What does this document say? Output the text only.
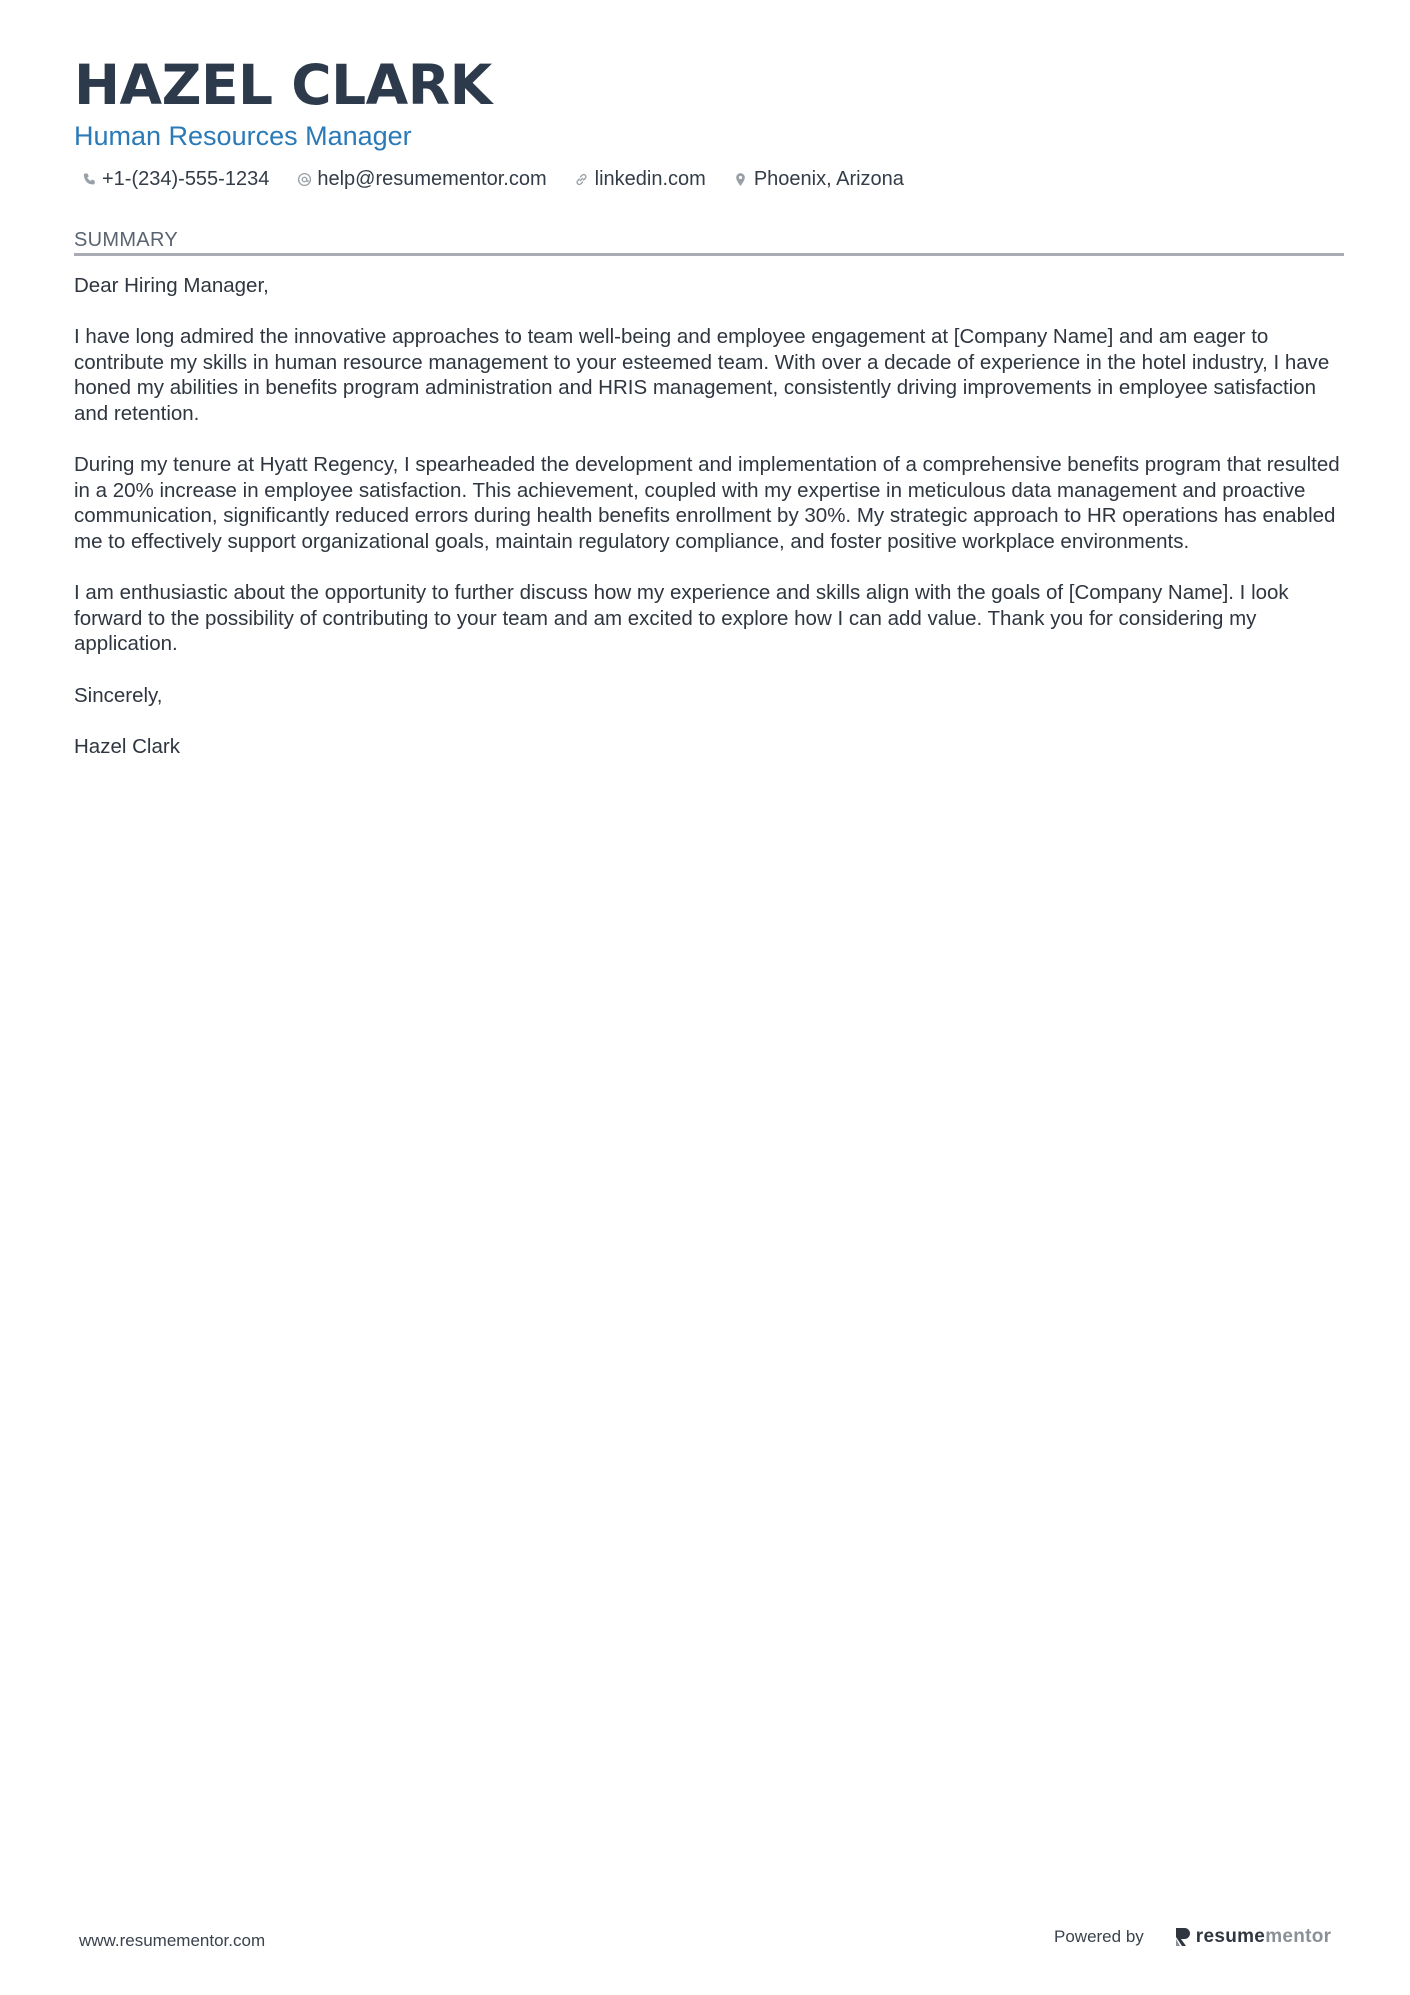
HAZEL CLARK
Human Resources Manager
+1-(234)-555-1234 help@resumementor.com linkedin.com Phoenix, Arizona
SUMMARY

Dear Hiring Manager,

I have long admired the innovative approaches to team well-being and employee engagement at [Company Name] and am eager to contribute my skills in human resource management to your esteemed team. With over a decade of experience in the hotel industry, I have honed my abilities in benefits program administration and HRIS management, consistently driving improvements in employee satisfaction and retention.

During my tenure at Hyatt Regency, I spearheaded the development and implementation of a comprehensive benefits program that resulted in a 20% increase in employee satisfaction. This achievement, coupled with my expertise in meticulous data management and proactive communication, significantly reduced errors during health benefits enrollment by 30%. My strategic approach to HR operations has enabled me to effectively support organizational goals, maintain regulatory compliance, and foster positive workplace environments.

I am enthusiastic about the opportunity to further discuss how my experience and skills align with the goals of [Company Name]. I look forward to the possibility of contributing to your team and am excited to explore how I can add value. Thank you for considering my application.

Sincerely,

Hazel Clark

www.resumementor.com	Powered by	resumementor
